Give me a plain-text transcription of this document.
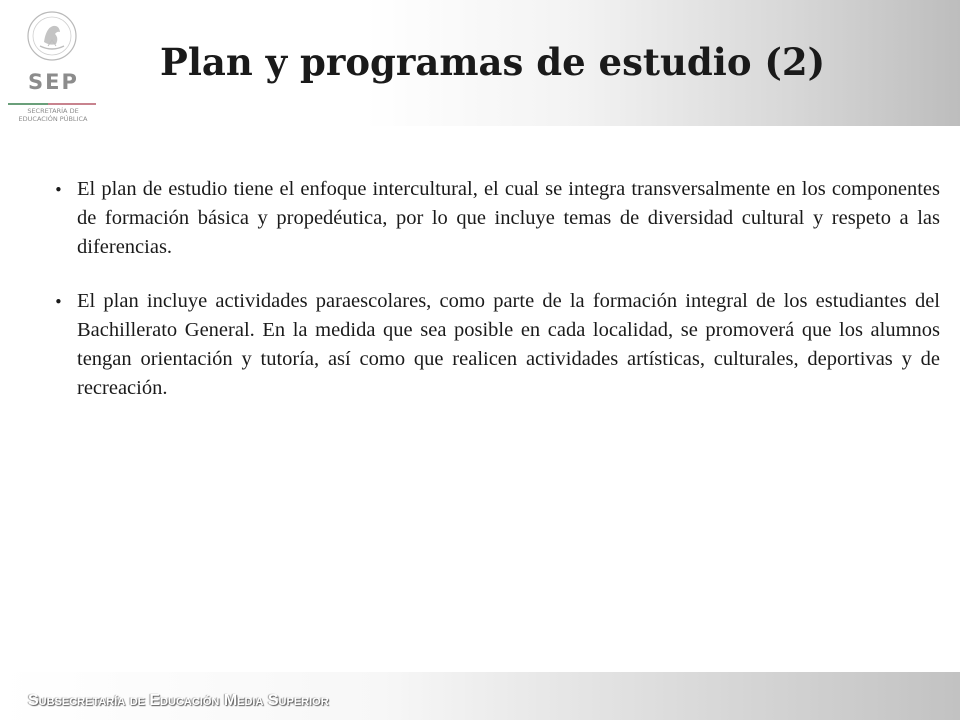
SEP
SECRETARÍA DE
EDUCACIÓN PÚBLICA
Plan y programas de estudio (2)
• El plan de estudio tiene el enfoque intercultural, el cual se integra transversalmente en los componentes de formación básica y propedéutica, por lo que incluye temas de diversidad cultural y respeto a las diferencias.

• El plan incluye actividades paraescolares, como parte de la formación integral de los estudiantes del Bachillerato General. En la medida que sea posible en cada localidad, se promoverá que los alumnos tengan orientación y tutoría, así como que realicen actividades artísticas, culturales, deportivas y de recreación.

Subsecretaría de Educación Media Superior
